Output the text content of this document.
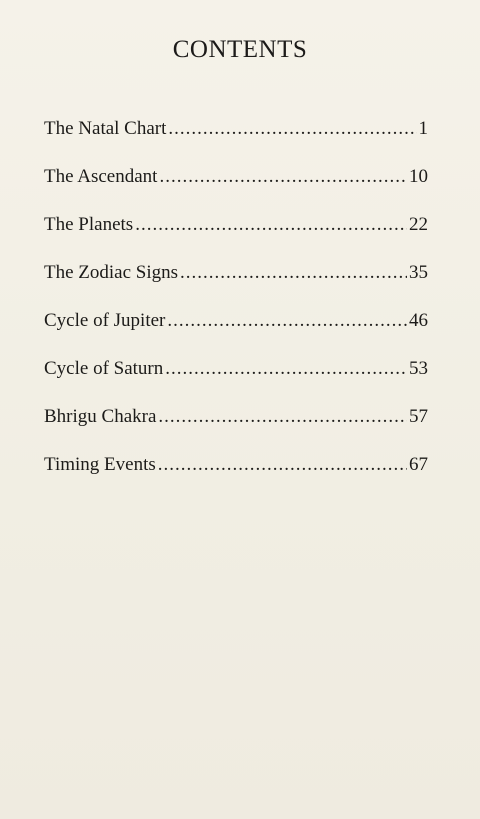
CONTENTS
The Natal Chart .....	1
The Ascendant .....	10
The Planets .....	22
The Zodiac Signs .....	35
Cycle of Jupiter .....	46
Cycle of Saturn .....	53
Bhrigu Chakra .....	57
Timing Events .....	67
